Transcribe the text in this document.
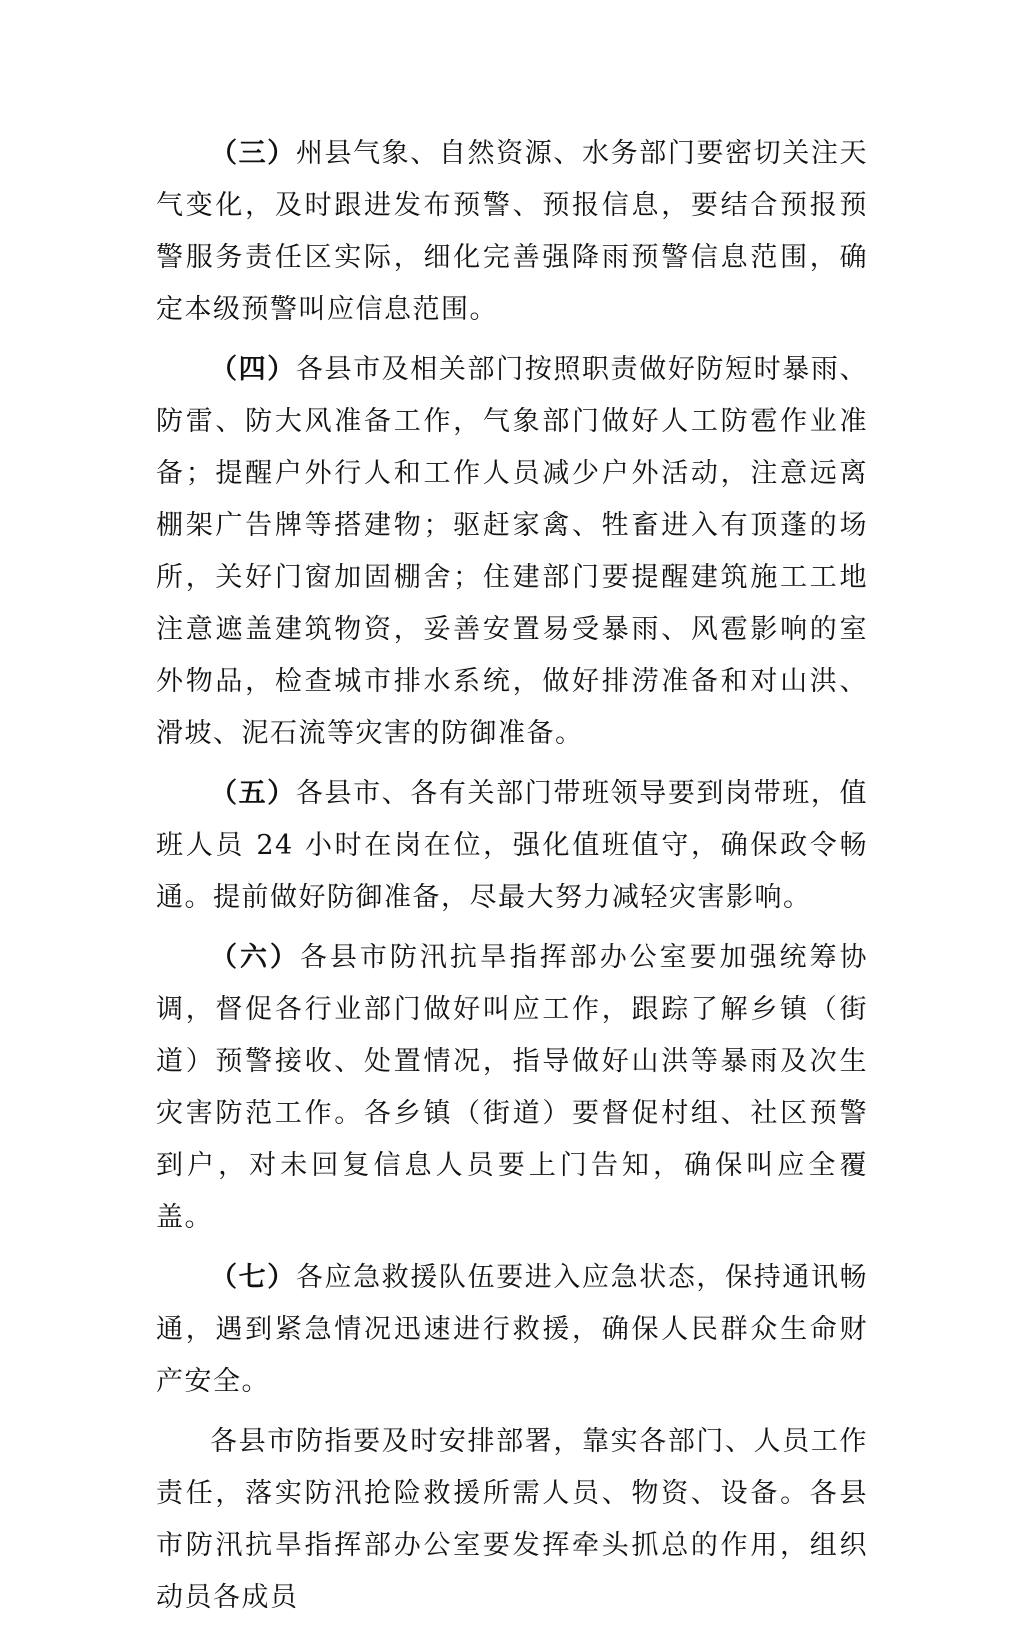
（三）州县气象、自然资源、水务部门要密切关注天气变化，及时跟进发布预警、预报信息，要结合预报预警服务责任区实际，细化完善强降雨预警信息范围，确定本级预警叫应信息范围。

（四）各县市及相关部门按照职责做好防短时暴雨、防雷、防大风准备工作，气象部门做好人工防雹作业准备；提醒户外行人和工作人员减少户外活动，注意远离棚架广告牌等搭建物；驱赶家禽、牲畜进入有顶蓬的场所，关好门窗加固棚舍；住建部门要提醒建筑施工工地注意遮盖建筑物资，妥善安置易受暴雨、风雹影响的室外物品，检查城市排水系统，做好排涝准备和对山洪、滑坡、泥石流等灾害的防御准备。

（五）各县市、各有关部门带班领导要到岗带班，值班人员 24 小时在岗在位，强化值班值守，确保政令畅通。提前做好防御准备，尽最大努力减轻灾害影响。

（六）各县市防汛抗旱指挥部办公室要加强统筹协调，督促各行业部门做好叫应工作，跟踪了解乡镇（街道）预警接收、处置情况，指导做好山洪等暴雨及次生灾害防范工作。各乡镇（街道）要督促村组、社区预警到户，对未回复信息人员要上门告知，确保叫应全覆盖。

（七）各应急救援队伍要进入应急状态，保持通讯畅通，遇到紧急情况迅速进行救援，确保人民群众生命财产安全。

各县市防指要及时安排部署，靠实各部门、人员工作责任，落实防汛抢险救援所需人员、物资、设备。各县市防汛抗旱指挥部办公室要发挥牵头抓总的作用，组织动员各成员
